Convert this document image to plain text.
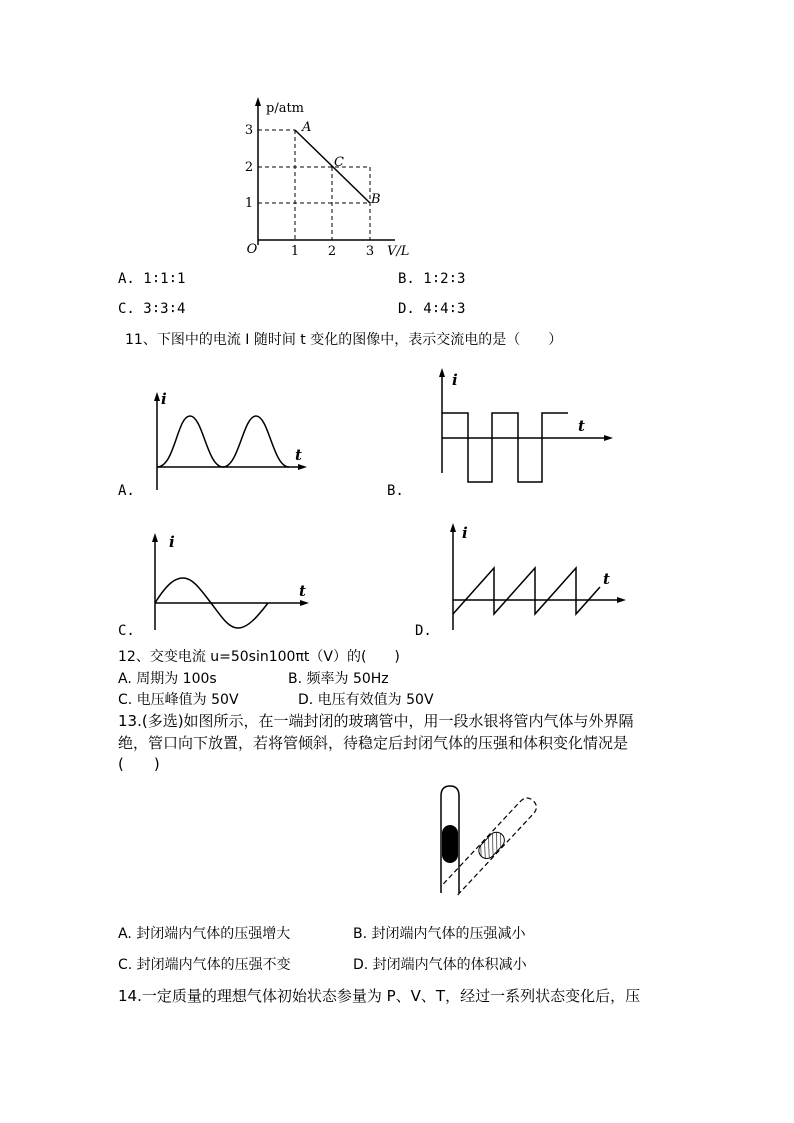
3
2
1
1 2 3
O
p/atm
V/L
A
C
B
A. 1∶1∶1	B. 1∶2∶3
C. 3∶3∶4	D. 4∶4∶3
11、下图中的电流 I 随时间 t 变化的图像中，表示交流电的是（　　）
i
t
A.
i
t
B.
i
t
C.
i
t
D.
12、交变电流 u=50sin100πt（V）的(　　)
A. 周期为 100s	B. 频率为 50Hz
C. 电压峰值为 50V	D. 电压有效值为 50V
13.(多选)如图所示，在一端封闭的玻璃管中，用一段水银将管内气体与外界隔
绝，管口向下放置，若将管倾斜，待稳定后封闭气体的压强和体积变化情况是
(　　)
A. 封闭端内气体的压强增大	B. 封闭端内气体的压强减小
C. 封闭端内气体的压强不变	D. 封闭端内气体的体积减小
14.一定质量的理想气体初始状态参量为 P、V、T，经过一系列状态变化后，压
